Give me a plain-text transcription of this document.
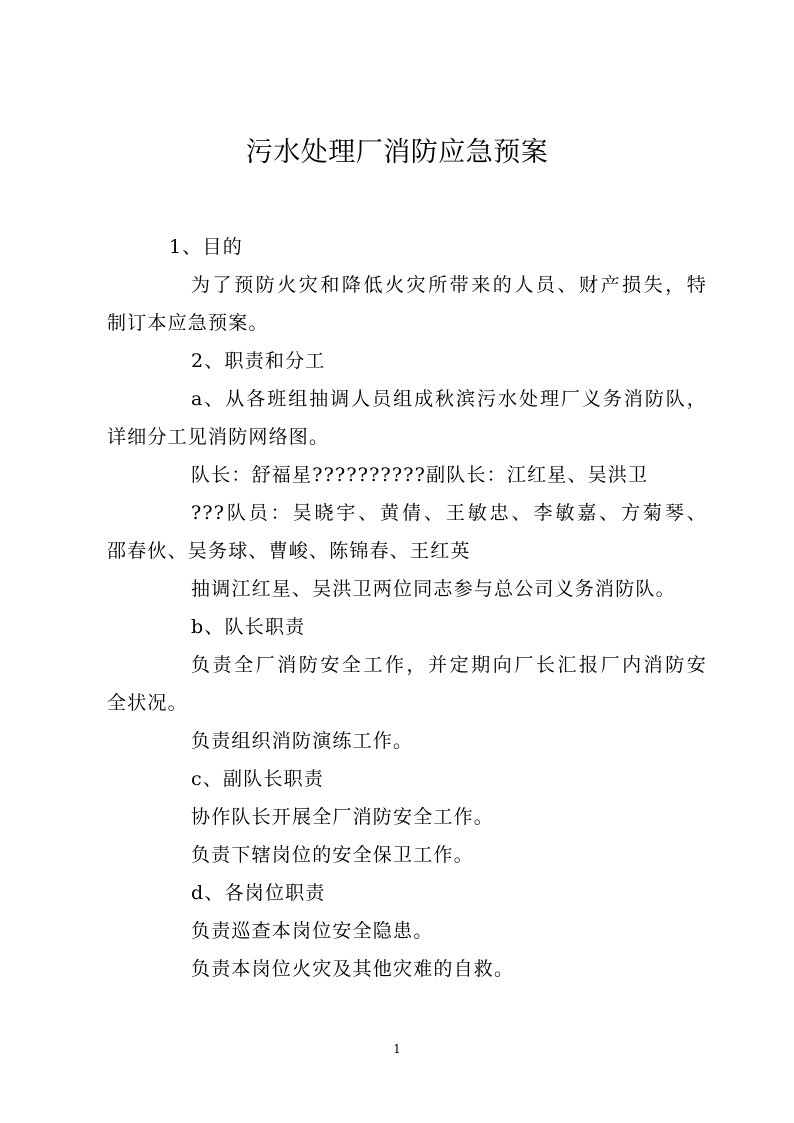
污水处理厂消防应急预案
1、目的
为了预防火灾和降低火灾所带来的人员、财产损失，特
制订本应急预案。
2、职责和分工
a、从各班组抽调人员组成秋滨污水处理厂义务消防队，
详细分工见消防网络图。
队长：舒福星??????????副队长：江红星、吴洪卫
???队员：吴晓宇、黄倩、王敏忠、李敏嘉、方菊琴、
邵春伙、吴务球、曹峻、陈锦春、王红英
抽调江红星、吴洪卫两位同志参与总公司义务消防队。
b、队长职责
负责全厂消防安全工作，并定期向厂长汇报厂内消防安
全状况。
负责组织消防演练工作。
c、副队长职责
协作队长开展全厂消防安全工作。
负责下辖岗位的安全保卫工作。
d、各岗位职责
负责巡查本岗位安全隐患。
负责本岗位火灾及其他灾难的自救。
1
